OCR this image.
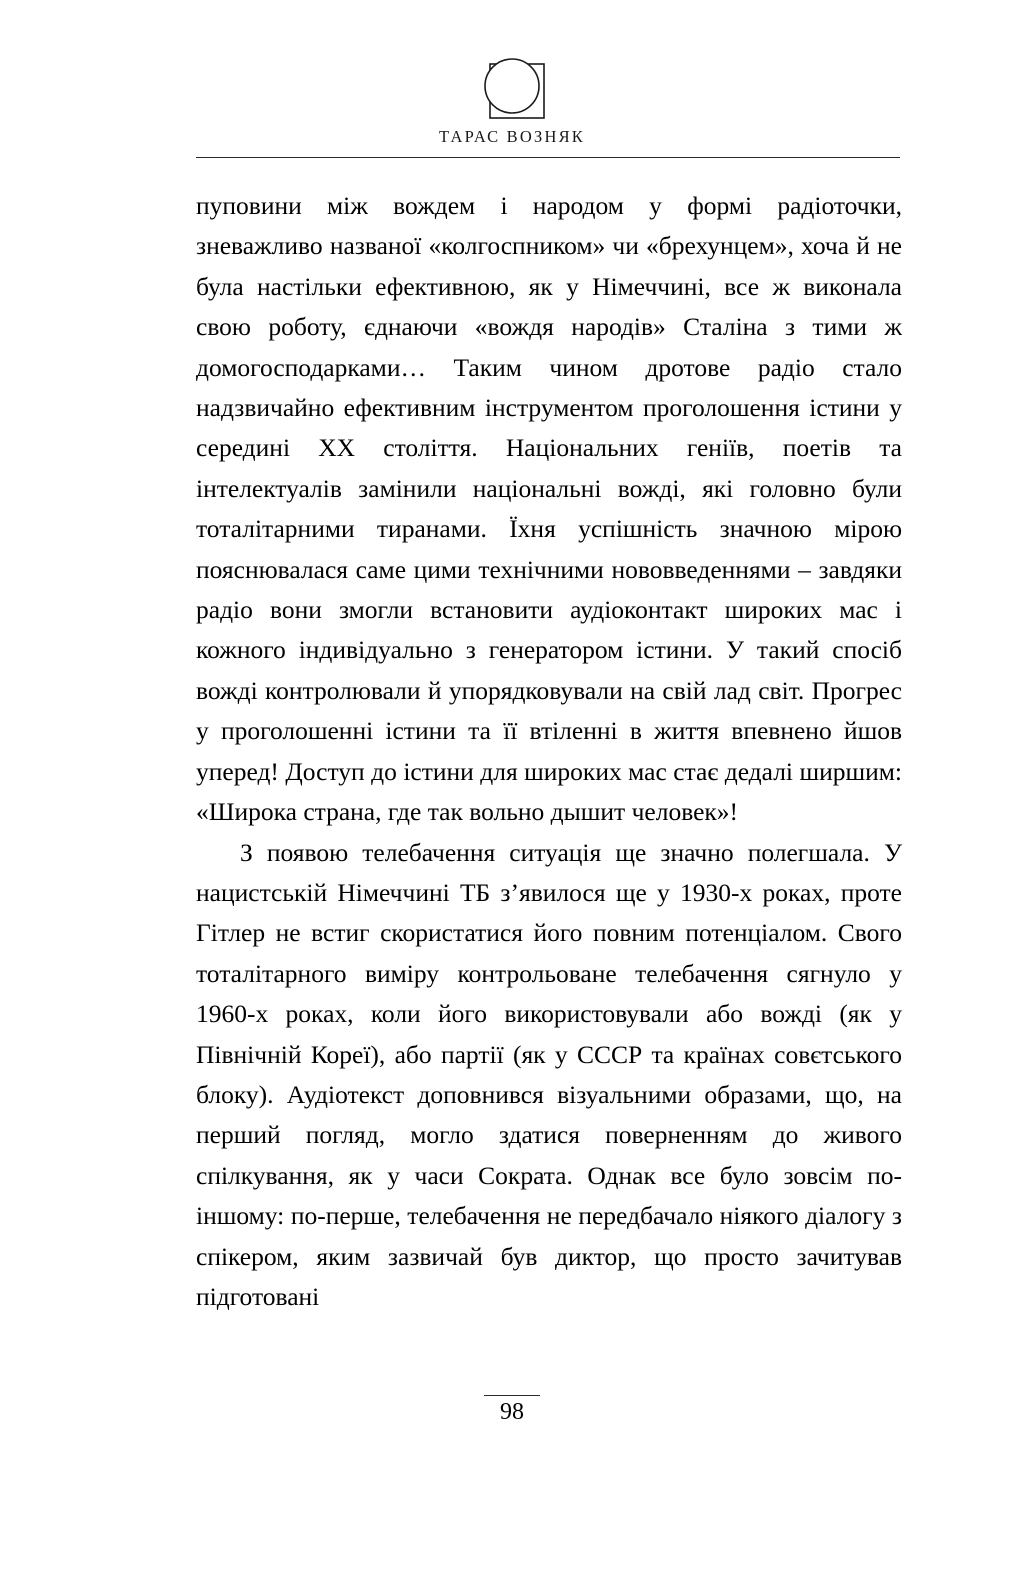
ТАРАС ВОЗНЯК

пуповини між вождем і народом у формі радіоточки, зневажливо названої «колгоспником» чи «брехунцем», хоча й не була настільки ефективною, як у Німеччині, все ж виконала свою роботу, єднаючи «вождя народів» Сталіна з тими ж домогосподарками… Таким чином дротове радіо стало надзвичайно ефективним інструментом проголошення істини у середині XX століття. Національних геніїв, поетів та інтелектуалів замінили національні вожді, які головно були тоталітарними тиранами. Їхня успішність значною мірою пояснювалася саме цими технічними нововведеннями – завдяки радіо вони змогли встановити аудіоконтакт широких мас і кожного індивідуально з генератором істини. У такий спосіб вожді контролювали й упорядковували на свій лад світ. Прогрес у проголошенні істини та її втіленні в життя впевнено йшов уперед! Доступ до істини для широких мас стає дедалі ширшим: «Широка страна, где так вольно дышит человек»!

З появою телебачення ситуація ще значно полегшала. У нацистській Німеччині ТБ з’явилося ще у 1930-х роках, проте Гітлер не встиг скористатися його повним потенціалом. Свого тоталітарного виміру контрольоване телебачення сягнуло у 1960-х роках, коли його використовували або вожді (як у Північній Кореї), або партії (як у СССР та країнах совєтського блоку). Аудіотекст доповнився візуальними образами, що, на перший погляд, могло здатися поверненням до живого спілкування, як у часи Сократа. Однак все було зовсім по-іншому: по-перше, телебачення не передбачало ніякого діалогу з спікером, яким зазвичай був диктор, що просто зачитував підготовані

98
